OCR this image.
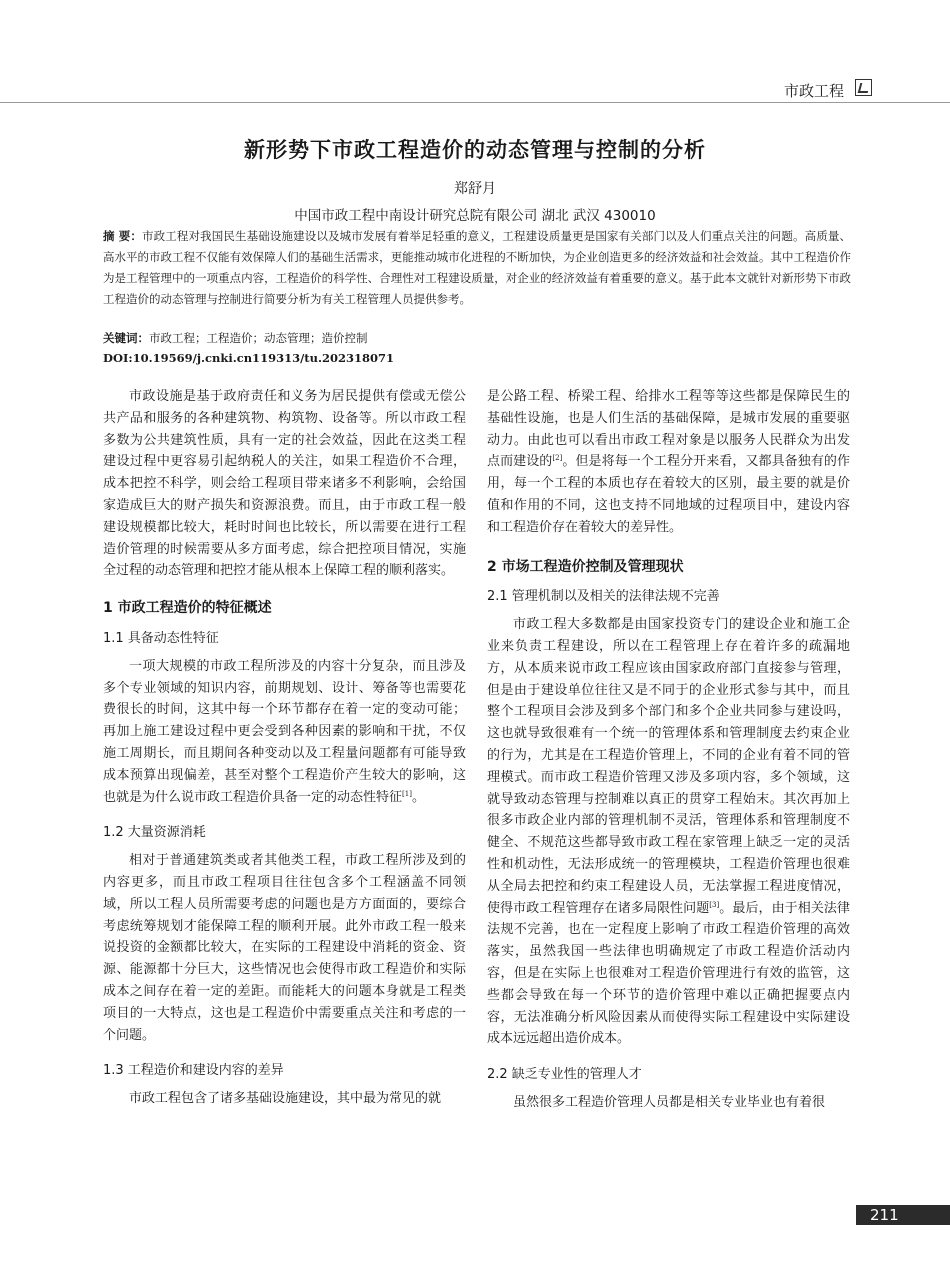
市政工程
新形势下市政工程造价的动态管理与控制的分析
郑舒月
中国市政工程中南设计研究总院有限公司 湖北 武汉 430010
摘 要：市政工程对我国民生基础设施建设以及城市发展有着举足轻重的意义，工程建设质量更是国家有关部门以及人们重点关注的问题。高质量、高水平的市政工程不仅能有效保障人们的基础生活需求，更能推动城市化进程的不断加快，为企业创造更多的经济效益和社会效益。其中工程造价作为是工程管理中的一项重点内容，工程造价的科学性、合理性对工程建设质量，对企业的经济效益有着重要的意义。基于此本文就针对新形势下市政工程造价的动态管理与控制进行简要分析为有关工程管理人员提供参考。
关键词：市政工程；工程造价；动态管理；造价控制
DOI:10.19569/j.cnki.cn119313/tu.202318071

市政设施是基于政府责任和义务为居民提供有偿或无偿公共产品和服务的各种建筑物、构筑物、设备等。所以市政工程多数为公共建筑性质，具有一定的社会效益，因此在这类工程建设过程中更容易引起纳税人的关注，如果工程造价不合理，成本把控不科学，则会给工程项目带来诸多不利影响，会给国家造成巨大的财产损失和资源浪费。而且，由于市政工程一般建设规模都比较大，耗时时间也比较长，所以需要在进行工程造价管理的时候需要从多方面考虑，综合把控项目情况，实施全过程的动态管理和把控才能从根本上保障工程的顺利落实。

1 市政工程造价的特征概述
1.1 具备动态性特征

一项大规模的市政工程所涉及的内容十分复杂，而且涉及多个专业领域的知识内容，前期规划、设计、筹备等也需要花费很长的时间，这其中每一个环节都存在着一定的变动可能；再加上施工建设过程中更会受到各种因素的影响和干扰，不仅施工周期长，而且期间各种变动以及工程量问题都有可能导致成本预算出现偏差，甚至对整个工程造价产生较大的影响，这也就是为什么说市政工程造价具备一定的动态性特征[1]。

1.2 大量资源消耗

相对于普通建筑类或者其他类工程，市政工程所涉及到的内容更多，而且市政工程项目往往包含多个工程涵盖不同领域，所以工程人员所需要考虑的问题也是方方面面的，要综合考虑统筹规划才能保障工程的顺利开展。此外市政工程一般来说投资的金额都比较大，在实际的工程建设中消耗的资金、资源、能源都十分巨大，这些情况也会使得市政工程造价和实际成本之间存在着一定的差距。而能耗大的问题本身就是工程类项目的一大特点，这也是工程造价中需要重点关注和考虑的一个问题。

1.3 工程造价和建设内容的差异

市政工程包含了诸多基础设施建设，其中最为常见的就

是公路工程、桥梁工程、给排水工程等等这些都是保障民生的基础性设施，也是人们生活的基础保障，是城市发展的重要驱动力。由此也可以看出市政工程对象是以服务人民群众为出发点而建设的[2]。但是将每一个工程分开来看，又都具备独有的作用，每一个工程的本质也存在着较大的区别，最主要的就是价值和作用的不同，这也支持不同地域的过程项目中，建设内容和工程造价存在着较大的差异性。

2 市场工程造价控制及管理现状
2.1 管理机制以及相关的法律法规不完善

市政工程大多数都是由国家投资专门的建设企业和施工企业来负责工程建设，所以在工程管理上存在着许多的疏漏地方，从本质来说市政工程应该由国家政府部门直接参与管理，但是由于建设单位往往又是不同于的企业形式参与其中，而且整个工程项目会涉及到多个部门和多个企业共同参与建设吗，这也就导致很难有一个统一的管理体系和管理制度去约束企业的行为，尤其是在工程造价管理上，不同的企业有着不同的管理模式。而市政工程造价管理又涉及多项内容，多个领域，这就导致动态管理与控制难以真正的贯穿工程始末。其次再加上很多市政企业内部的管理机制不灵活，管理体系和管理制度不健全、不规范这些都导致市政工程在家管理上缺乏一定的灵活性和机动性，无法形成统一的管理模块，工程造价管理也很难从全局去把控和约束工程建设人员，无法掌握工程进度情况，使得市政工程管理存在诸多局限性问题[3]。最后，由于相关法律法规不完善，也在一定程度上影响了市政工程造价管理的高效落实，虽然我国一些法律也明确规定了市政工程造价活动内容，但是在实际上也很难对工程造价管理进行有效的监管，这些都会导致在每一个环节的造价管理中难以正确把握要点内容，无法准确分析风险因素从而使得实际工程建设中实际建设成本远远超出造价成本。

2.2 缺乏专业性的管理人才

虽然很多工程造价管理人员都是相关专业毕业也有着很

211
